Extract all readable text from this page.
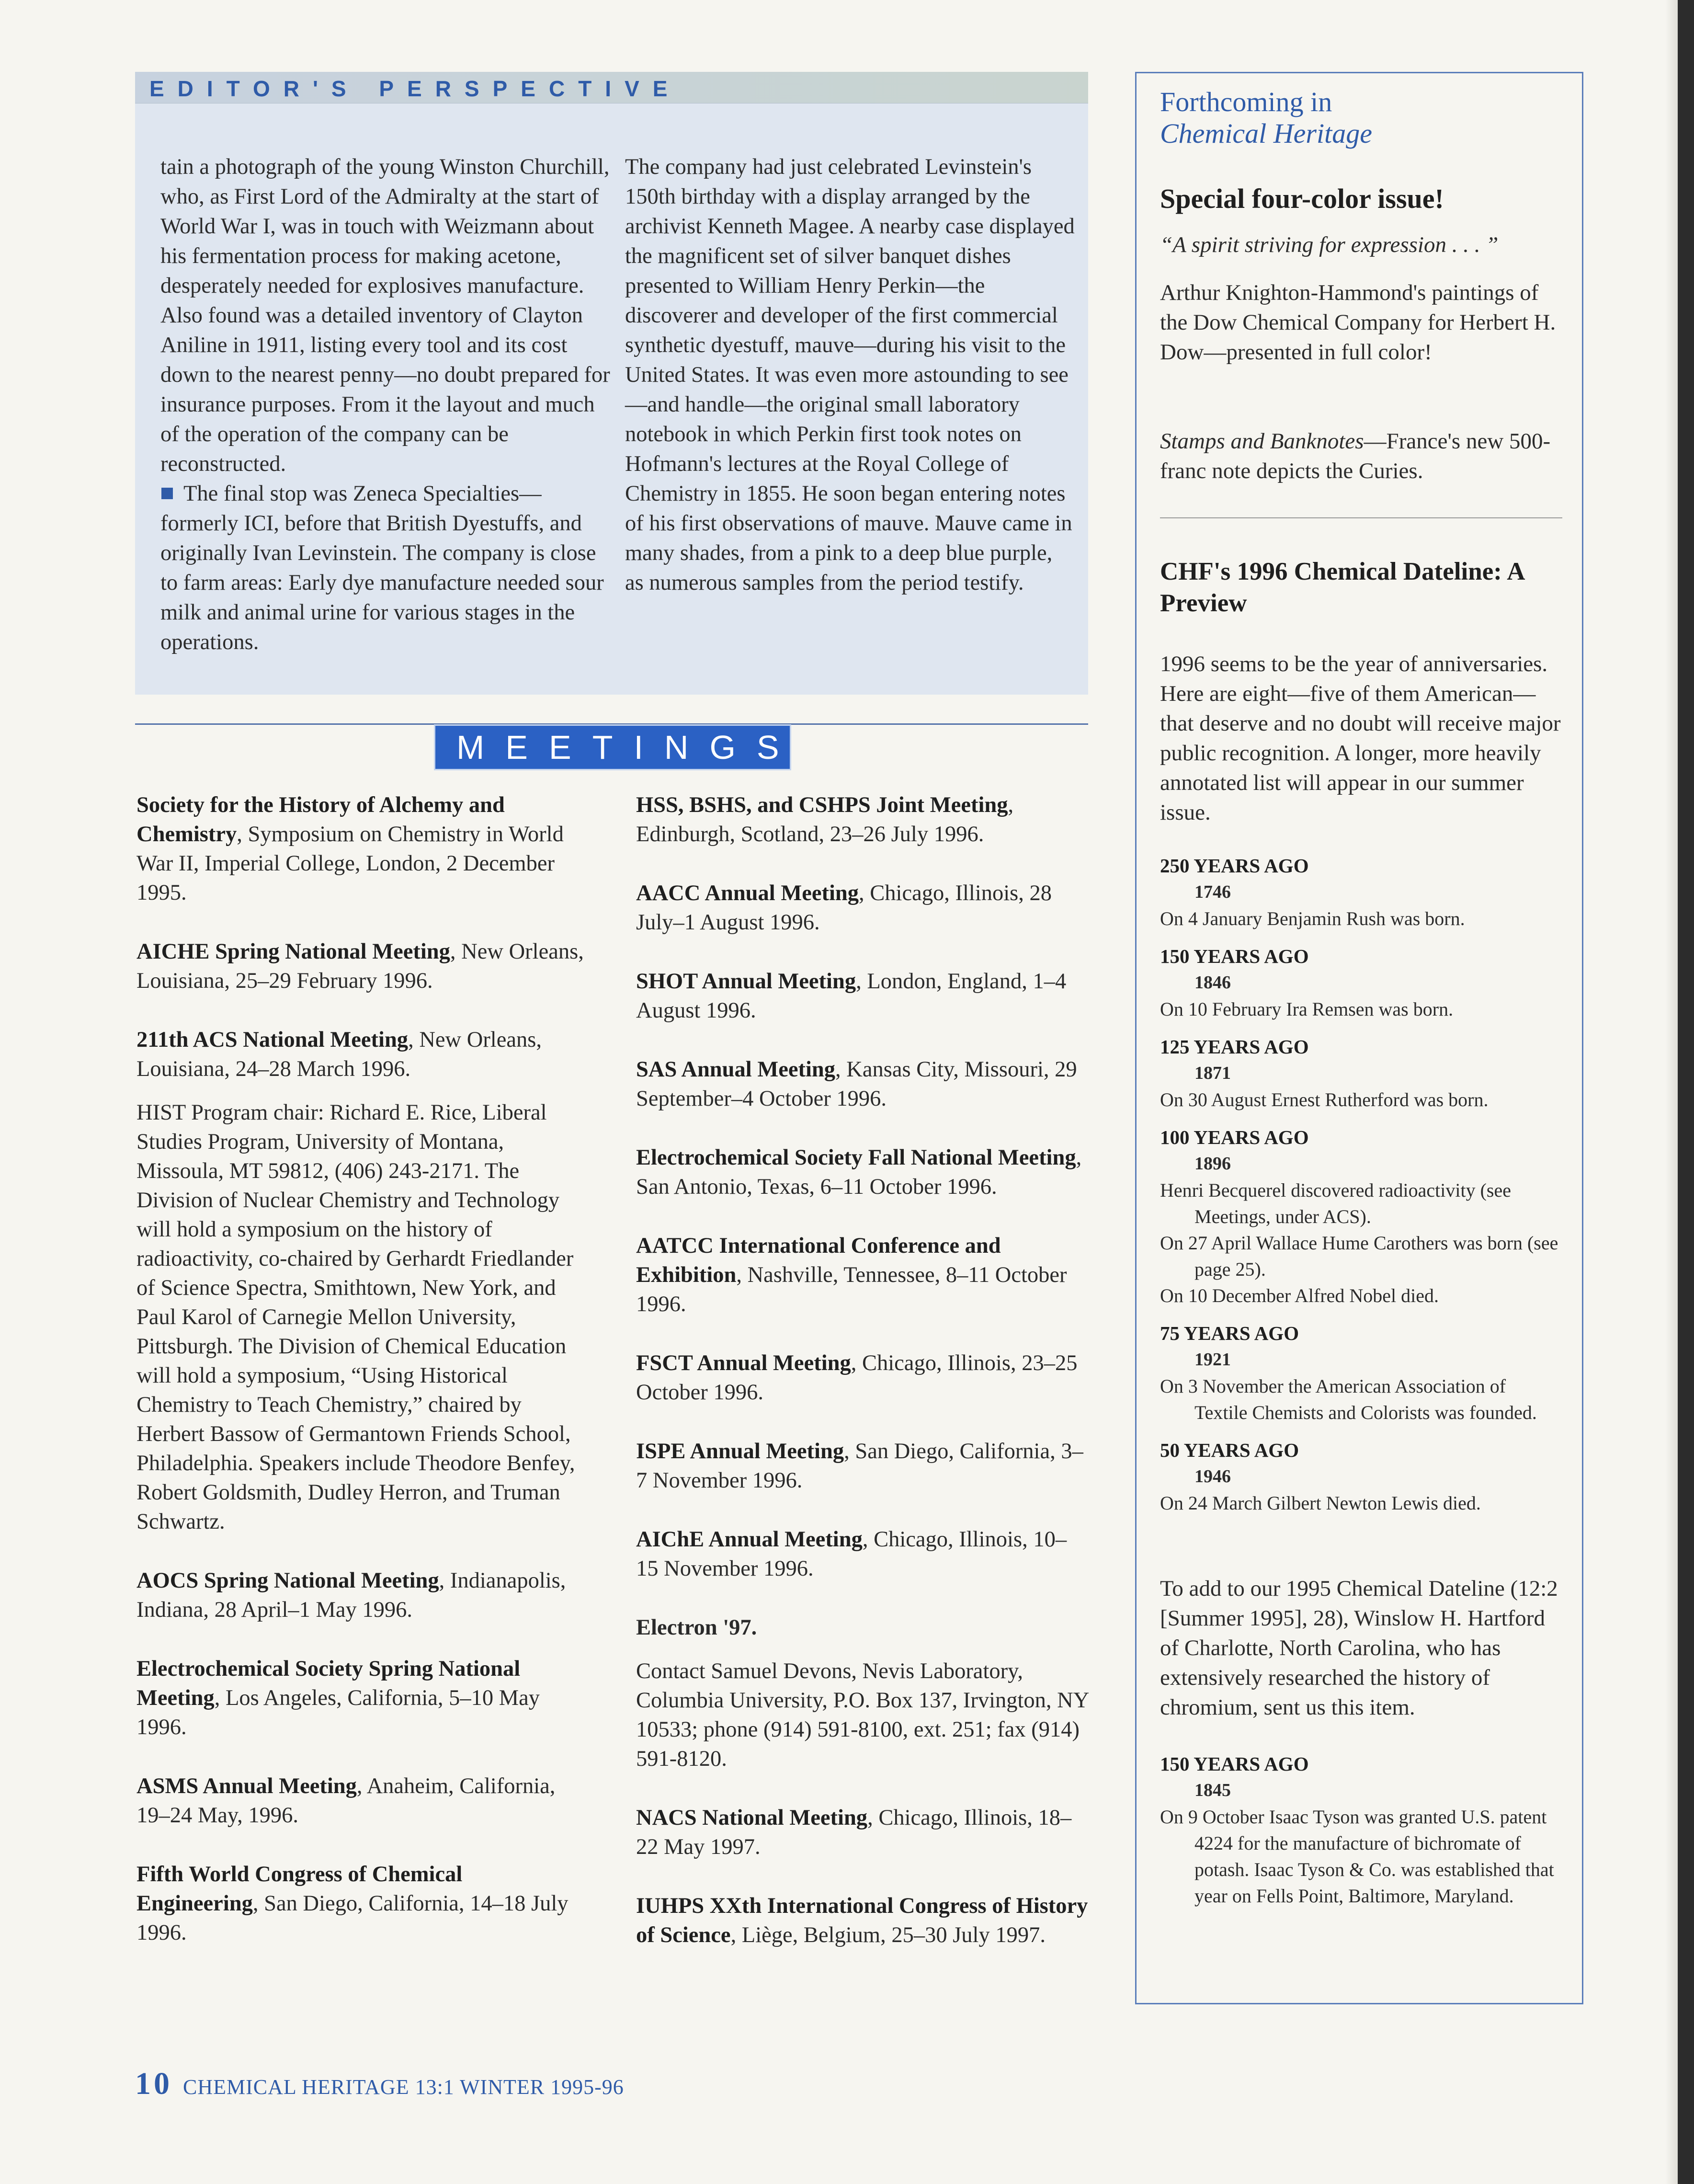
EDITOR'S PERSPECTIVE

tain a photograph of the young Winston Churchill, who, as First Lord of the Admiralty at the start of World War I, was in touch with Weizmann about his fermentation process for making acetone, desperately needed for explosives manufacture. Also found was a detailed inventory of Clayton Aniline in 1911, listing every tool and its cost down to the nearest penny—no doubt prepared for insurance purposes. From it the layout and much of the operation of the company can be reconstructed.

The final stop was Zeneca Specialties—formerly ICI, before that British Dyestuffs, and originally Ivan Levinstein. The company is close to farm areas: Early dye manufacture needed sour milk and animal urine for various stages in the operations.

The company had just celebrated Levinstein's 150th birthday with a display arranged by the archivist Kenneth Magee. A nearby case displayed the magnificent set of silver banquet dishes presented to William Henry Perkin—the discoverer and developer of the first commercial synthetic dyestuff, mauve—during his visit to the United States. It was even more astounding to see—and handle—the original small laboratory notebook in which Perkin first took notes on Hofmann's lectures at the Royal College of Chemistry in 1855. He soon began entering notes of his first observations of mauve. Mauve came in many shades, from a pink to a deep blue purple, as numerous samples from the period testify.

MEETINGS
Society for the History of Alchemy and Chemistry, Symposium on Chemistry in World War II, Imperial College, London, 2 December 1995.
AICHE Spring National Meeting, New Orleans, Louisiana, 25–29 February 1996.
211th ACS National Meeting, New Orleans, Louisiana, 24–28 March 1996.
HIST Program chair: Richard E. Rice, Liberal Studies Program, University of Montana, Missoula, MT 59812, (406) 243-2171. The Division of Nuclear Chemistry and Technology will hold a symposium on the history of radioactivity, co-chaired by Gerhardt Friedlander of Science Spectra, Smithtown, New York, and Paul Karol of Carnegie Mellon University, Pittsburgh. The Division of Chemical Education will hold a symposium, “Using Historical Chemistry to Teach Chemistry,” chaired by Herbert Bassow of Germantown Friends School, Philadelphia. Speakers include Theodore Benfey, Robert Goldsmith, Dudley Herron, and Truman Schwartz.
AOCS Spring National Meeting, Indianapolis, Indiana, 28 April–1 May 1996.
Electrochemical Society Spring National Meeting, Los Angeles, California, 5–10 May 1996.
ASMS Annual Meeting, Anaheim, California, 19–24 May, 1996.
Fifth World Congress of Chemical Engineering, San Diego, California, 14–18 July 1996.
HSS, BSHS, and CSHPS Joint Meeting, Edinburgh, Scotland, 23–26 July 1996.
AACC Annual Meeting, Chicago, Illinois, 28 July–1 August 1996.
SHOT Annual Meeting, London, England, 1–4 August 1996.
SAS Annual Meeting, Kansas City, Missouri, 29 September–4 October 1996.
Electrochemical Society Fall National Meeting, San Antonio, Texas, 6–11 October 1996.
AATCC International Conference and Exhibition, Nashville, Tennessee, 8–11 October 1996.
FSCT Annual Meeting, Chicago, Illinois, 23–25 October 1996.
ISPE Annual Meeting, San Diego, California, 3–7 November 1996.
AIChE Annual Meeting, Chicago, Illinois, 10–15 November 1996.
Electron '97.
Contact Samuel Devons, Nevis Laboratory, Columbia University, P.O. Box 137, Irvington, NY 10533; phone (914) 591-8100, ext. 251; fax (914) 591-8120.
NACS National Meeting, Chicago, Illinois, 18–22 May 1997.
IUHPS XXth International Congress of History of Science, Liège, Belgium, 25–30 July 1997.
Forthcoming in
Chemical Heritage
Special four-color issue!
“A spirit striving for expression . . . ”
Arthur Knighton-Hammond's paintings of the Dow Chemical Company for Herbert H. Dow—presented in full color!
Stamps and Banknotes—France's new 500-franc note depicts the Curies.
CHF's 1996 Chemical Dateline: A Preview
1996 seems to be the year of anniversaries. Here are eight—five of them American—that deserve and no doubt will receive major public recognition. A longer, more heavily annotated list will appear in our summer issue.
250 YEARS AGO
1746
On 4 January Benjamin Rush was born.
150 YEARS AGO
1846
On 10 February Ira Remsen was born.
125 YEARS AGO
1871
On 30 August Ernest Rutherford was born.
100 YEARS AGO
1896
Henri Becquerel discovered radioactivity (see Meetings, under ACS).
On 27 April Wallace Hume Carothers was born (see page 25).
On 10 December Alfred Nobel died.
75 YEARS AGO
1921
On 3 November the American Association of Textile Chemists and Colorists was founded.
50 YEARS AGO
1946
On 24 March Gilbert Newton Lewis died.
To add to our 1995 Chemical Dateline (12:2 [Summer 1995], 28), Winslow H. Hartford of Charlotte, North Carolina, who has extensively researched the history of chromium, sent us this item.
150 YEARS AGO
1845
On 9 October Isaac Tyson was granted U.S. patent 4224 for the manufacture of bichromate of potash. Isaac Tyson & Co. was established that year on Fells Point, Baltimore, Maryland.
10 CHEMICAL HERITAGE 13:1 WINTER 1995-96
